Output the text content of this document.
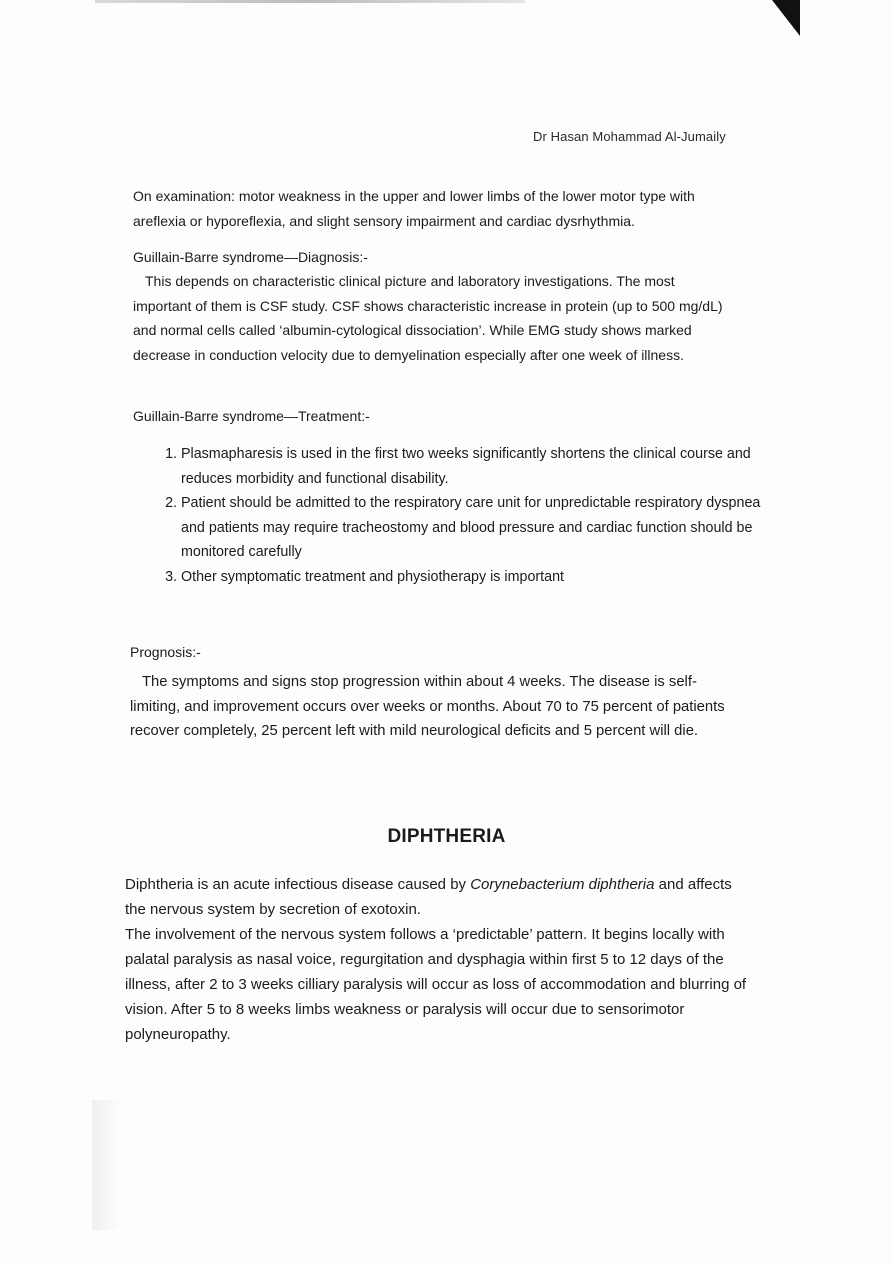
Dr Hasan Mohammad Al-Jumaily
On examination: motor weakness in the upper and lower limbs of the lower motor type with areflexia or hyporeflexia, and slight sensory impairment and cardiac dysrhythmia.
Guillain-Barre syndrome—Diagnosis:-
This depends on characteristic clinical picture and laboratory investigations. The most important of them is CSF study. CSF shows characteristic increase in protein (up to 500 mg/dL) and normal cells called ‘albumin-cytological dissociation’. While EMG study shows marked decrease in conduction velocity due to demyelination especially after one week of illness.
Guillain-Barre syndrome—Treatment:-
1. Plasmapharesis is used in the first two weeks significantly shortens the clinical course and reduces morbidity and functional disability.
2. Patient should be admitted to the respiratory care unit for unpredictable respiratory dyspnea and patients may require tracheostomy and blood pressure and cardiac function should be monitored carefully
3. Other symptomatic treatment and physiotherapy is important
Prognosis:-
The symptoms and signs stop progression within about 4 weeks. The disease is self-limiting, and improvement occurs over weeks or months. About 70 to 75 percent of patients recover completely, 25 percent left with mild neurological deficits and 5 percent will die.
DIPHTHERIA

Diphtheria is an acute infectious disease caused by Corynebacterium diphtheria and affects the nervous system by secretion of exotoxin.

The involvement of the nervous system follows a ‘predictable’ pattern. It begins locally with palatal paralysis as nasal voice, regurgitation and dysphagia within first 5 to 12 days of the illness, after 2 to 3 weeks cilliary paralysis will occur as loss of accommodation and blurring of vision. After 5 to 8 weeks limbs weakness or paralysis will occur due to sensorimotor polyneuropathy.
